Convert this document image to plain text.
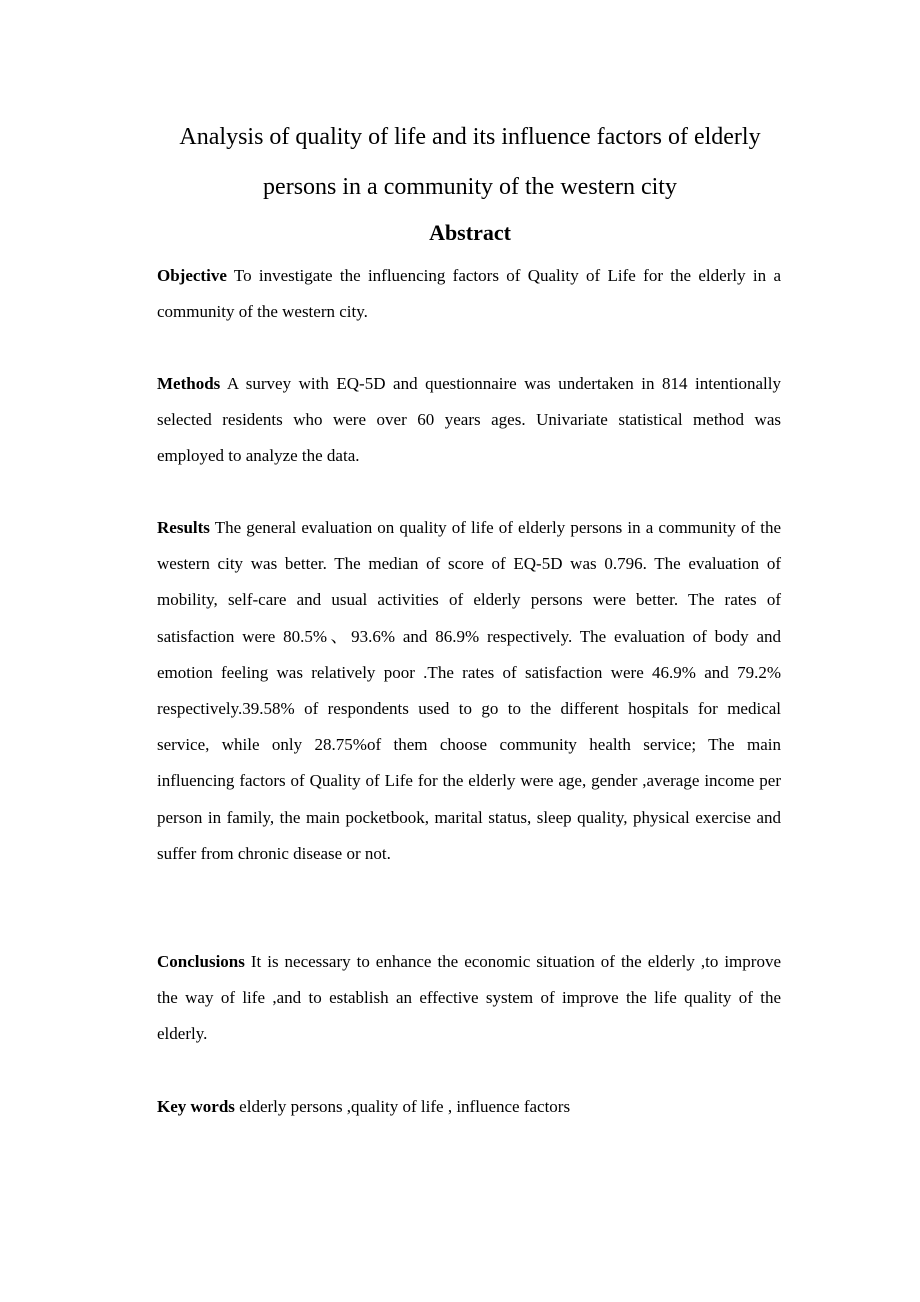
Analysis of quality of life and its influence factors of elderly
persons in a community of the western city
Abstract

Objective To investigate the influencing factors of Quality of Life for the elderly in a community of the western city.

Methods A survey with EQ-5D and questionnaire was undertaken in 814 intentionally selected residents who were over 60 years ages. Univariate statistical method was employed to analyze the data.

Results The general evaluation on quality of life of elderly persons in a community of the western city was better. The median of score of EQ-5D was 0.796. The evaluation of mobility, self-care and usual activities of elderly persons were better. The rates of satisfaction were 80.5%、93.6% and 86.9% respectively. The evaluation of body and emotion feeling was relatively poor .The rates of satisfaction were 46.9% and 79.2% respectively.39.58% of respondents used to go to the different hospitals for medical service, while only 28.75%of them choose community health service; The main influencing factors of Quality of Life for the elderly were age, gender ,average income per person in family, the main pocketbook, marital status, sleep quality, physical exercise and suffer from chronic disease or not.

Conclusions It is necessary to enhance the economic situation of the elderly ,to improve the way of life ,and to establish an effective system of improve the life quality of the elderly.

Key words elderly persons ,quality of life , influence factors
